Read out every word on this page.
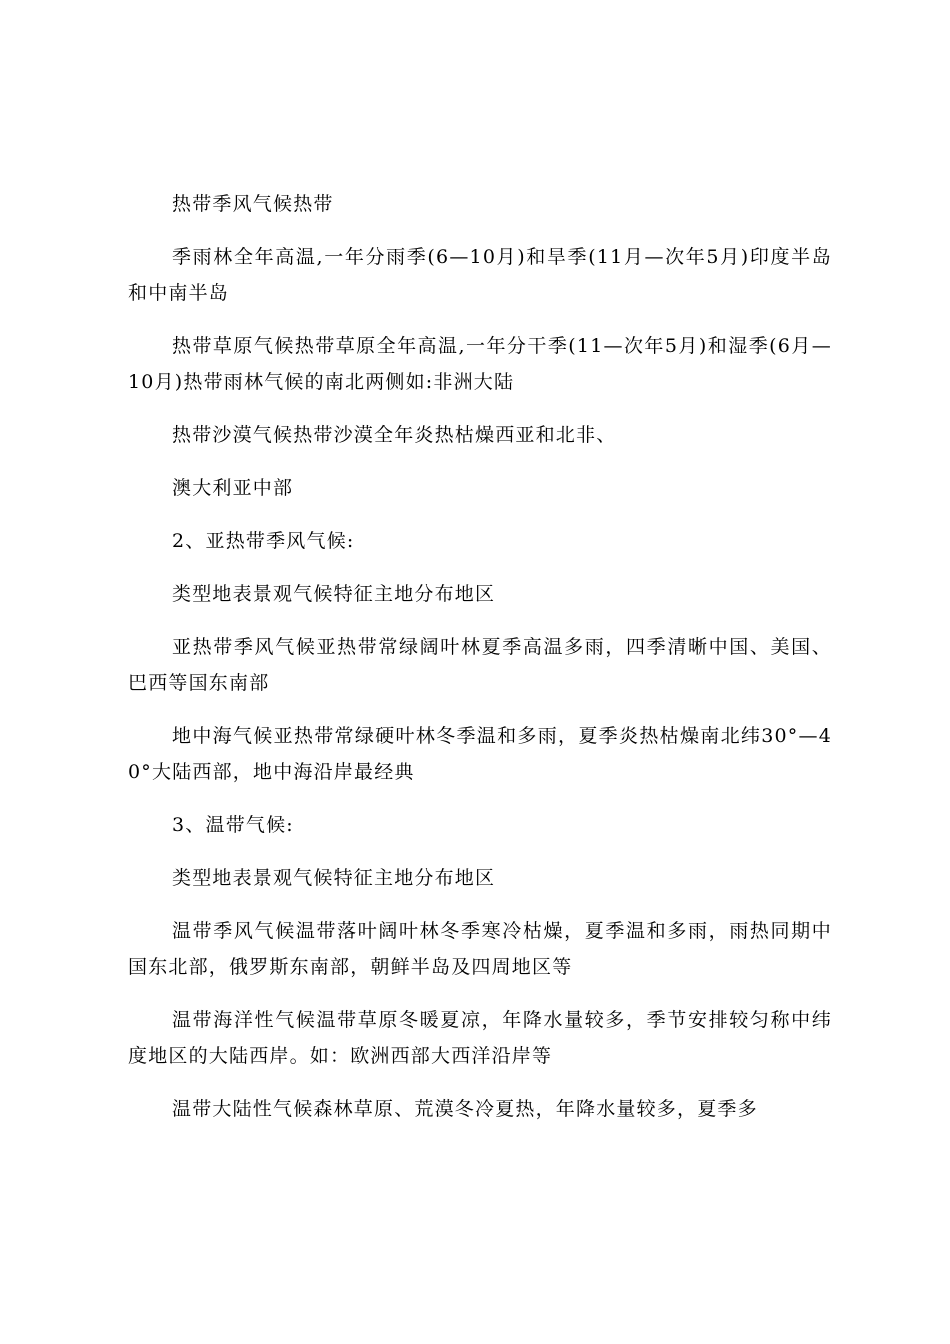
热带季风气候热带

季雨林全年高温,一年分雨季(6—10月)和旱季(11月—次年5月)印度半岛和中南半岛

热带草原气候热带草原全年高温,一年分干季(11—次年5月)和湿季(6月—10月)热带雨林气候的南北两侧如:非洲大陆

热带沙漠气候热带沙漠全年炎热枯燥西亚和北非、

澳大利亚中部

2、亚热带季风气候:

类型地表景观气候特征主地分布地区

亚热带季风气候亚热带常绿阔叶林夏季高温多雨，四季清晰中国、美国、巴西等国东南部

地中海气候亚热带常绿硬叶林冬季温和多雨，夏季炎热枯燥南北纬30°—40°大陆西部，地中海沿岸最经典

3、温带气候:

类型地表景观气候特征主地分布地区

温带季风气候温带落叶阔叶林冬季寒冷枯燥，夏季温和多雨，雨热同期中国东北部，俄罗斯东南部，朝鲜半岛及四周地区等

温带海洋性气候温带草原冬暖夏凉，年降水量较多，季节安排较匀称中纬度地区的大陆西岸。如：欧洲西部大西洋沿岸等

温带大陆性气候森林草原、荒漠冬冷夏热，年降水量较多，夏季多
